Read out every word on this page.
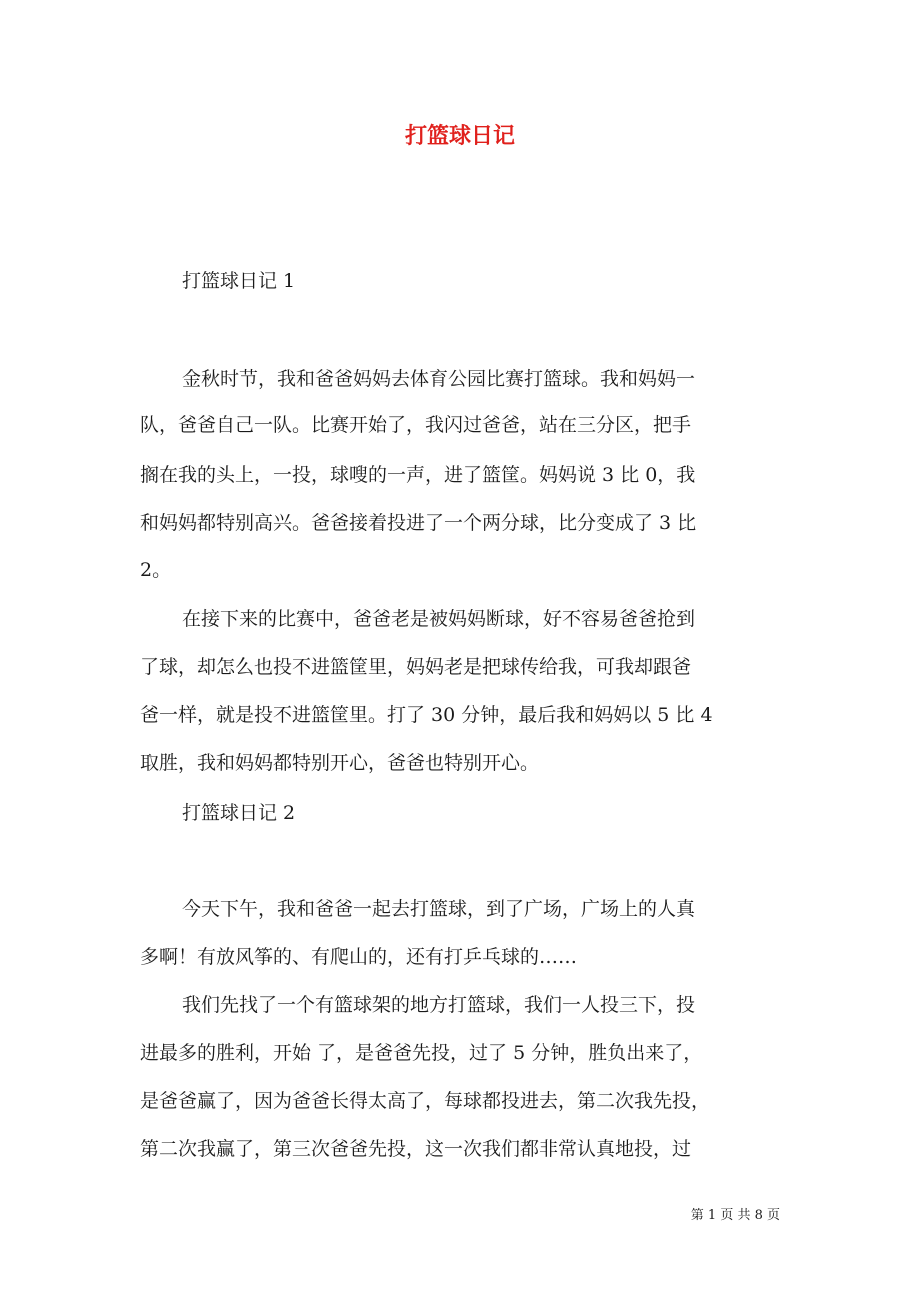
打篮球日记
打篮球日记 1
金秋时节，我和爸爸妈妈去体育公园比赛打篮球。我和妈妈一
队，爸爸自己一队。比赛开始了，我闪过爸爸，站在三分区，把手
搁在我的头上，一投，球嗖的一声，进了篮筐。妈妈说 3 比 0，我
和妈妈都特别高兴。爸爸接着投进了一个两分球，比分变成了 3 比
2。
在接下来的比赛中，爸爸老是被妈妈断球，好不容易爸爸抢到
了球，却怎么也投不进篮筐里，妈妈老是把球传给我，可我却跟爸
爸一样，就是投不进篮筐里。打了 30 分钟，最后我和妈妈以 5 比 4
取胜，我和妈妈都特别开心，爸爸也特别开心。
打篮球日记 2
今天下午，我和爸爸一起去打篮球，到了广场，广场上的人真
多啊！有放风筝的、有爬山的，还有打乒乓球的……
我们先找了一个有篮球架的地方打篮球，我们一人投三下，投
进最多的胜利，开始 了，是爸爸先投，过了 5 分钟，胜负出来了，
是爸爸赢了，因为爸爸长得太高了，每球都投进去，第二次我先投，
第二次我赢了，第三次爸爸先投，这一次我们都非常认真地投，过
第 1 页 共 8 页
